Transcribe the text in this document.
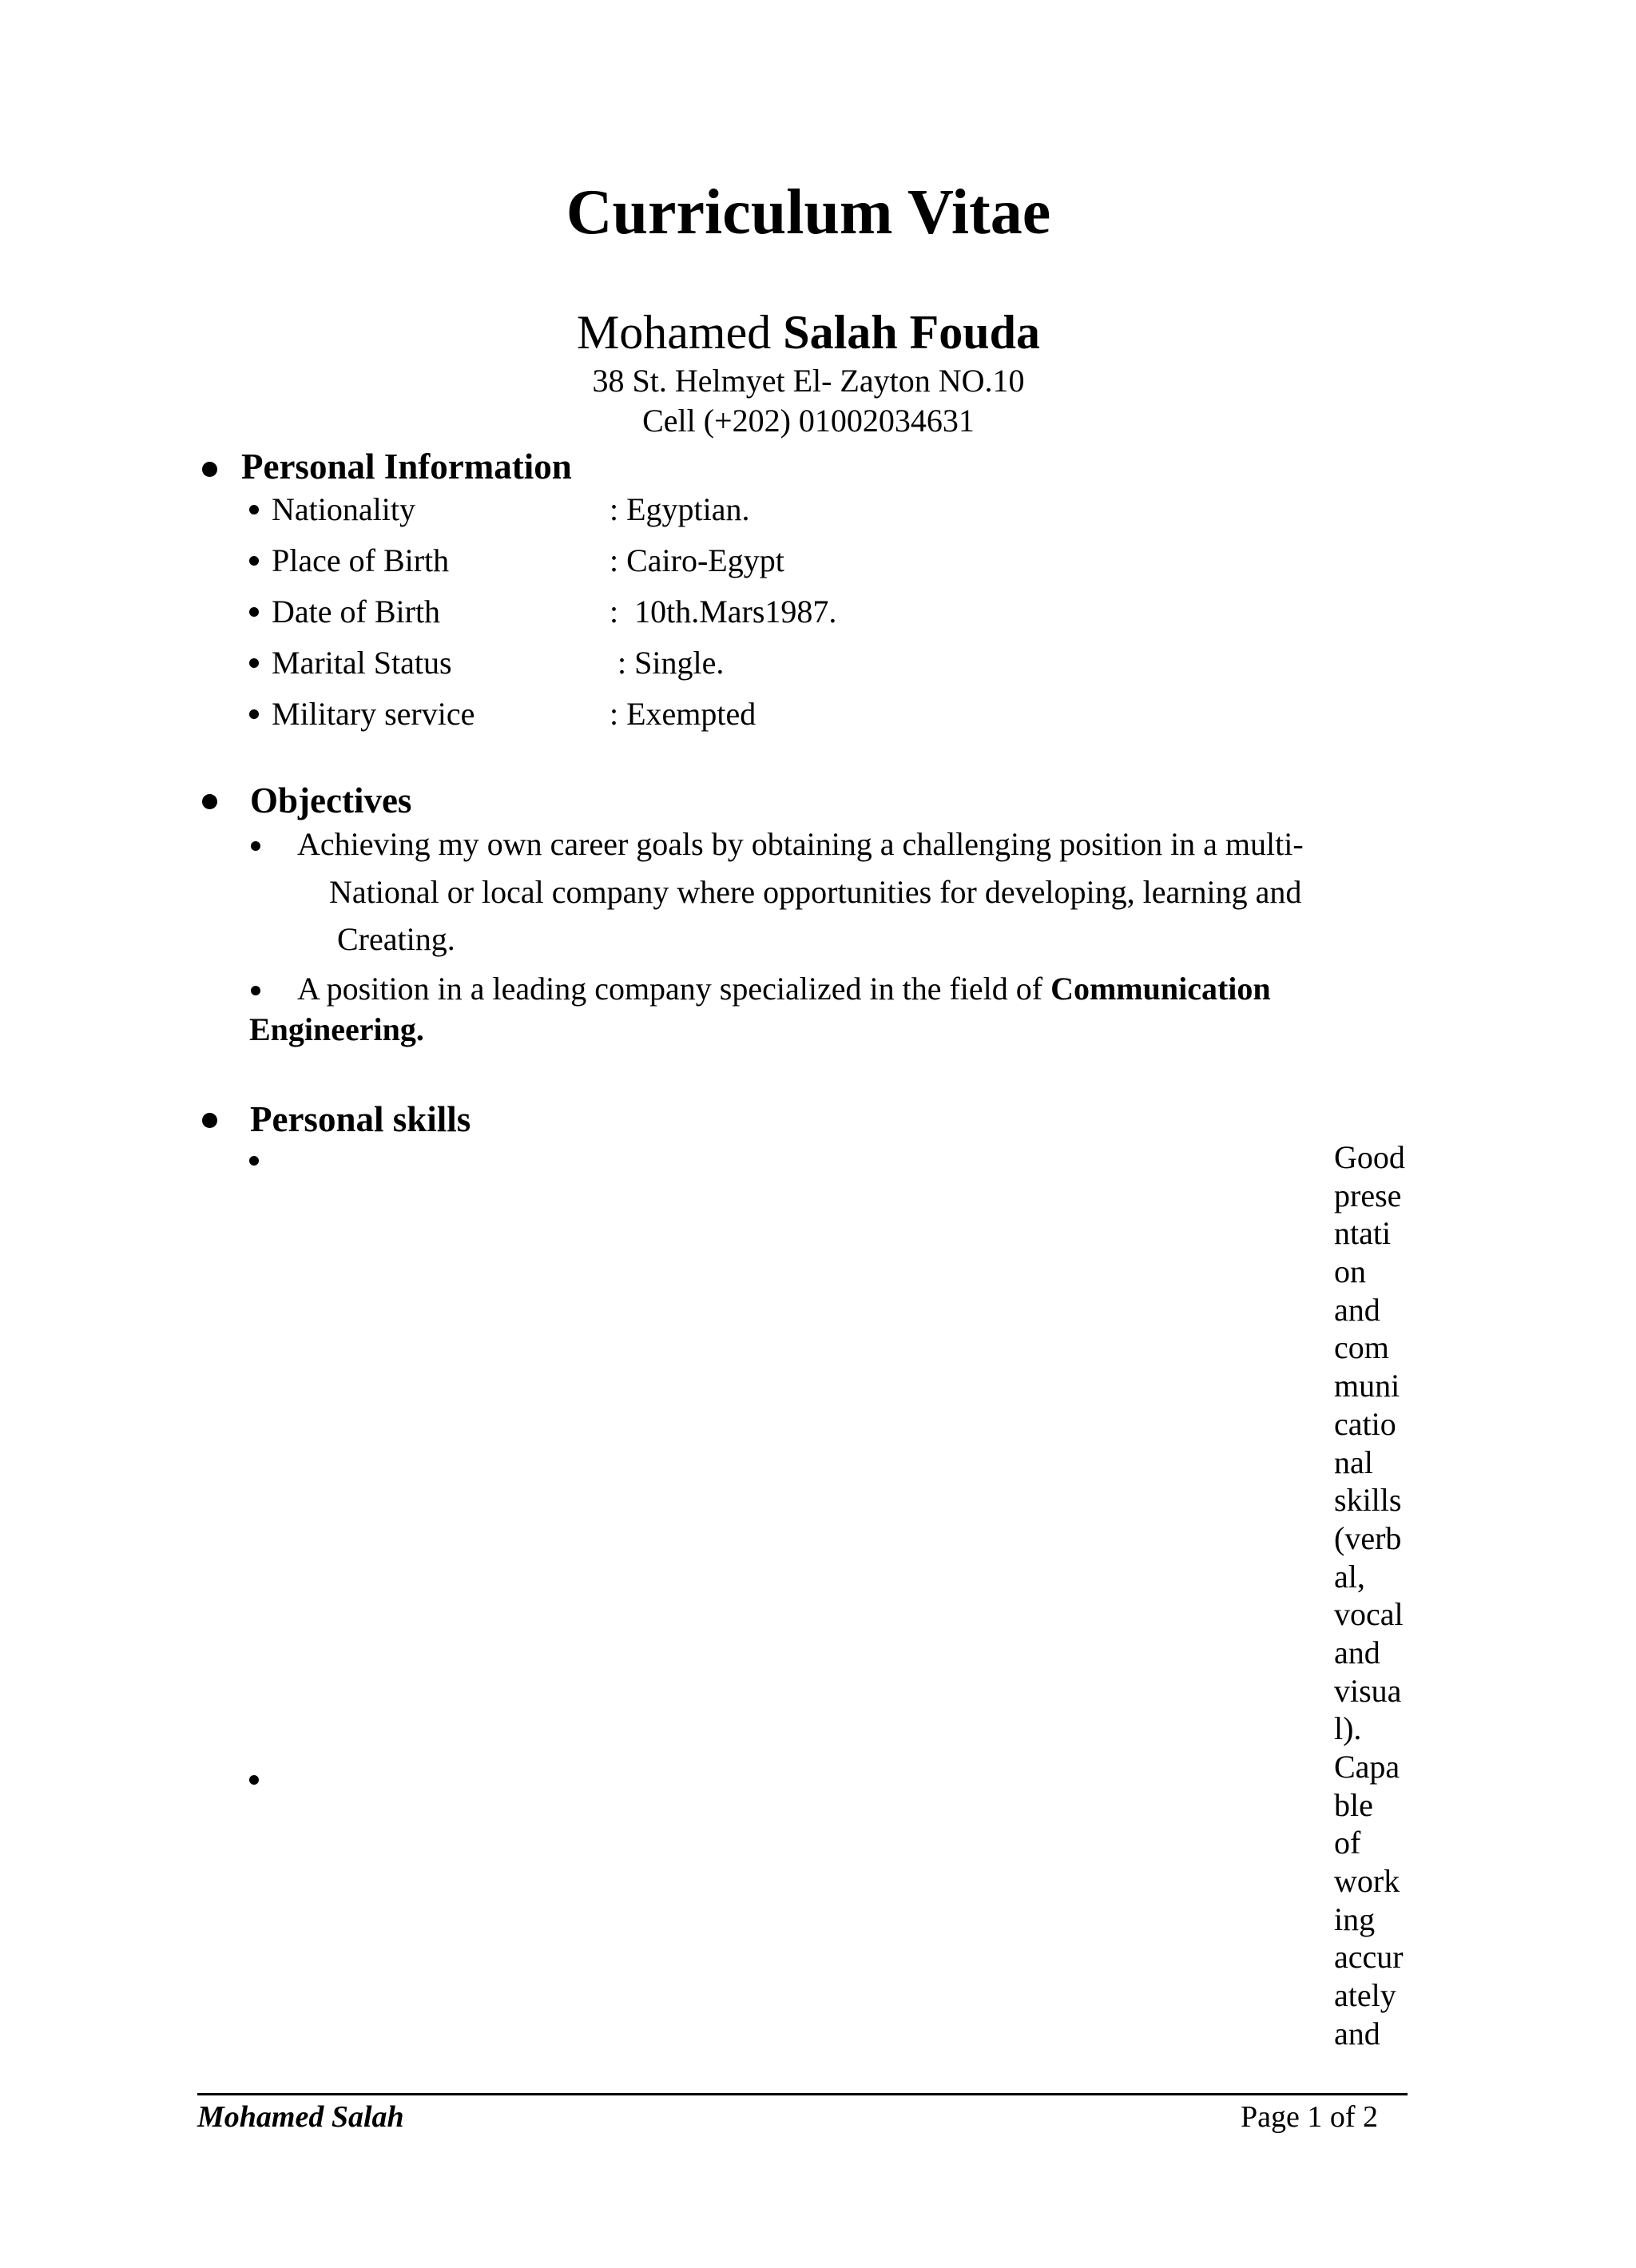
Curriculum Vitae
Mohamed Salah Fouda
38 St. Helmyet El- Zayton NO.10
Cell (+202) 01002034631
Personal Information
Nationality	: Egyptian.
Place of Birth	: Cairo-Egypt
Date of Birth	:  10th.Mars1987.
Marital Status	: Single.
Military service	: Exempted
Objectives
Achieving my own career goals by obtaining a challenging position in a multi-
National or local company where opportunities for developing, learning and
Creating.
A position in a leading company specialized in the field of Communication
Engineering.
Personal skills
Good
prese
ntati
on
and
com
muni
catio
nal
skills
(verb
al,
vocal
and
visua
l).
Capa
ble
of
work
ing
accur
ately
and
Mohamed Salah	Page 1 of 2
